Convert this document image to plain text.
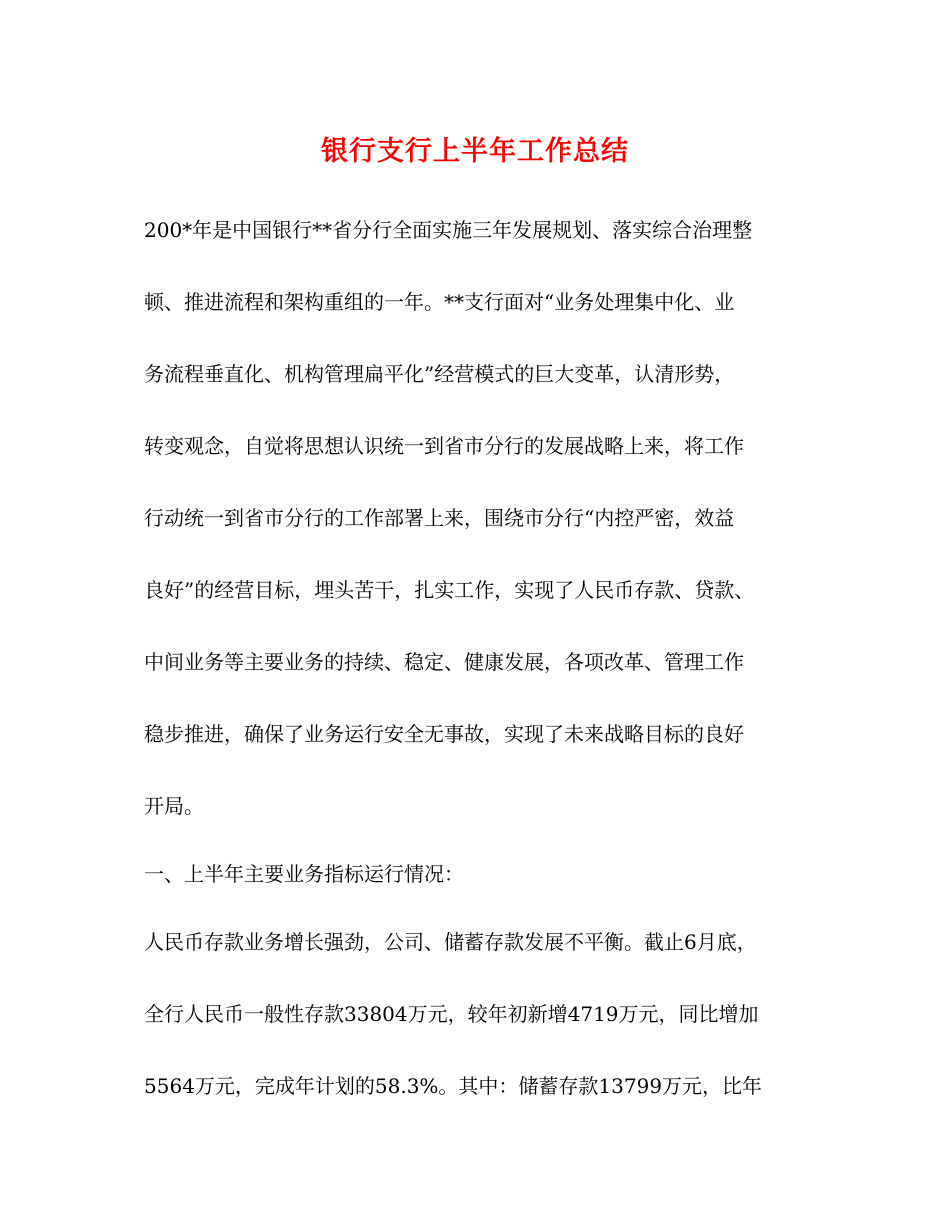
银行支行上半年工作总结
200*年是中国银行**省分行全面实施三年发展规划、落实综合治理整
顿、推进流程和架构重组的一年。**支行面对“业务处理集中化、业
务流程垂直化、机构管理扁平化”经营模式的巨大变革，认清形势，
转变观念，自觉将思想认识统一到省市分行的发展战略上来，将工作
行动统一到省市分行的工作部署上来，围绕市分行“内控严密，效益
良好”的经营目标，埋头苦干，扎实工作，实现了人民币存款、贷款、
中间业务等主要业务的持续、稳定、健康发展，各项改革、管理工作
稳步推进，确保了业务运行安全无事故，实现了未来战略目标的良好
开局。
一、上半年主要业务指标运行情况：
人民币存款业务增长强劲，公司、储蓄存款发展不平衡。截止6月底，
全行人民币一般性存款33804万元，较年初新增4719万元，同比增加
5564万元，完成年计划的58.3%。其中：储蓄存款13799万元，比年
